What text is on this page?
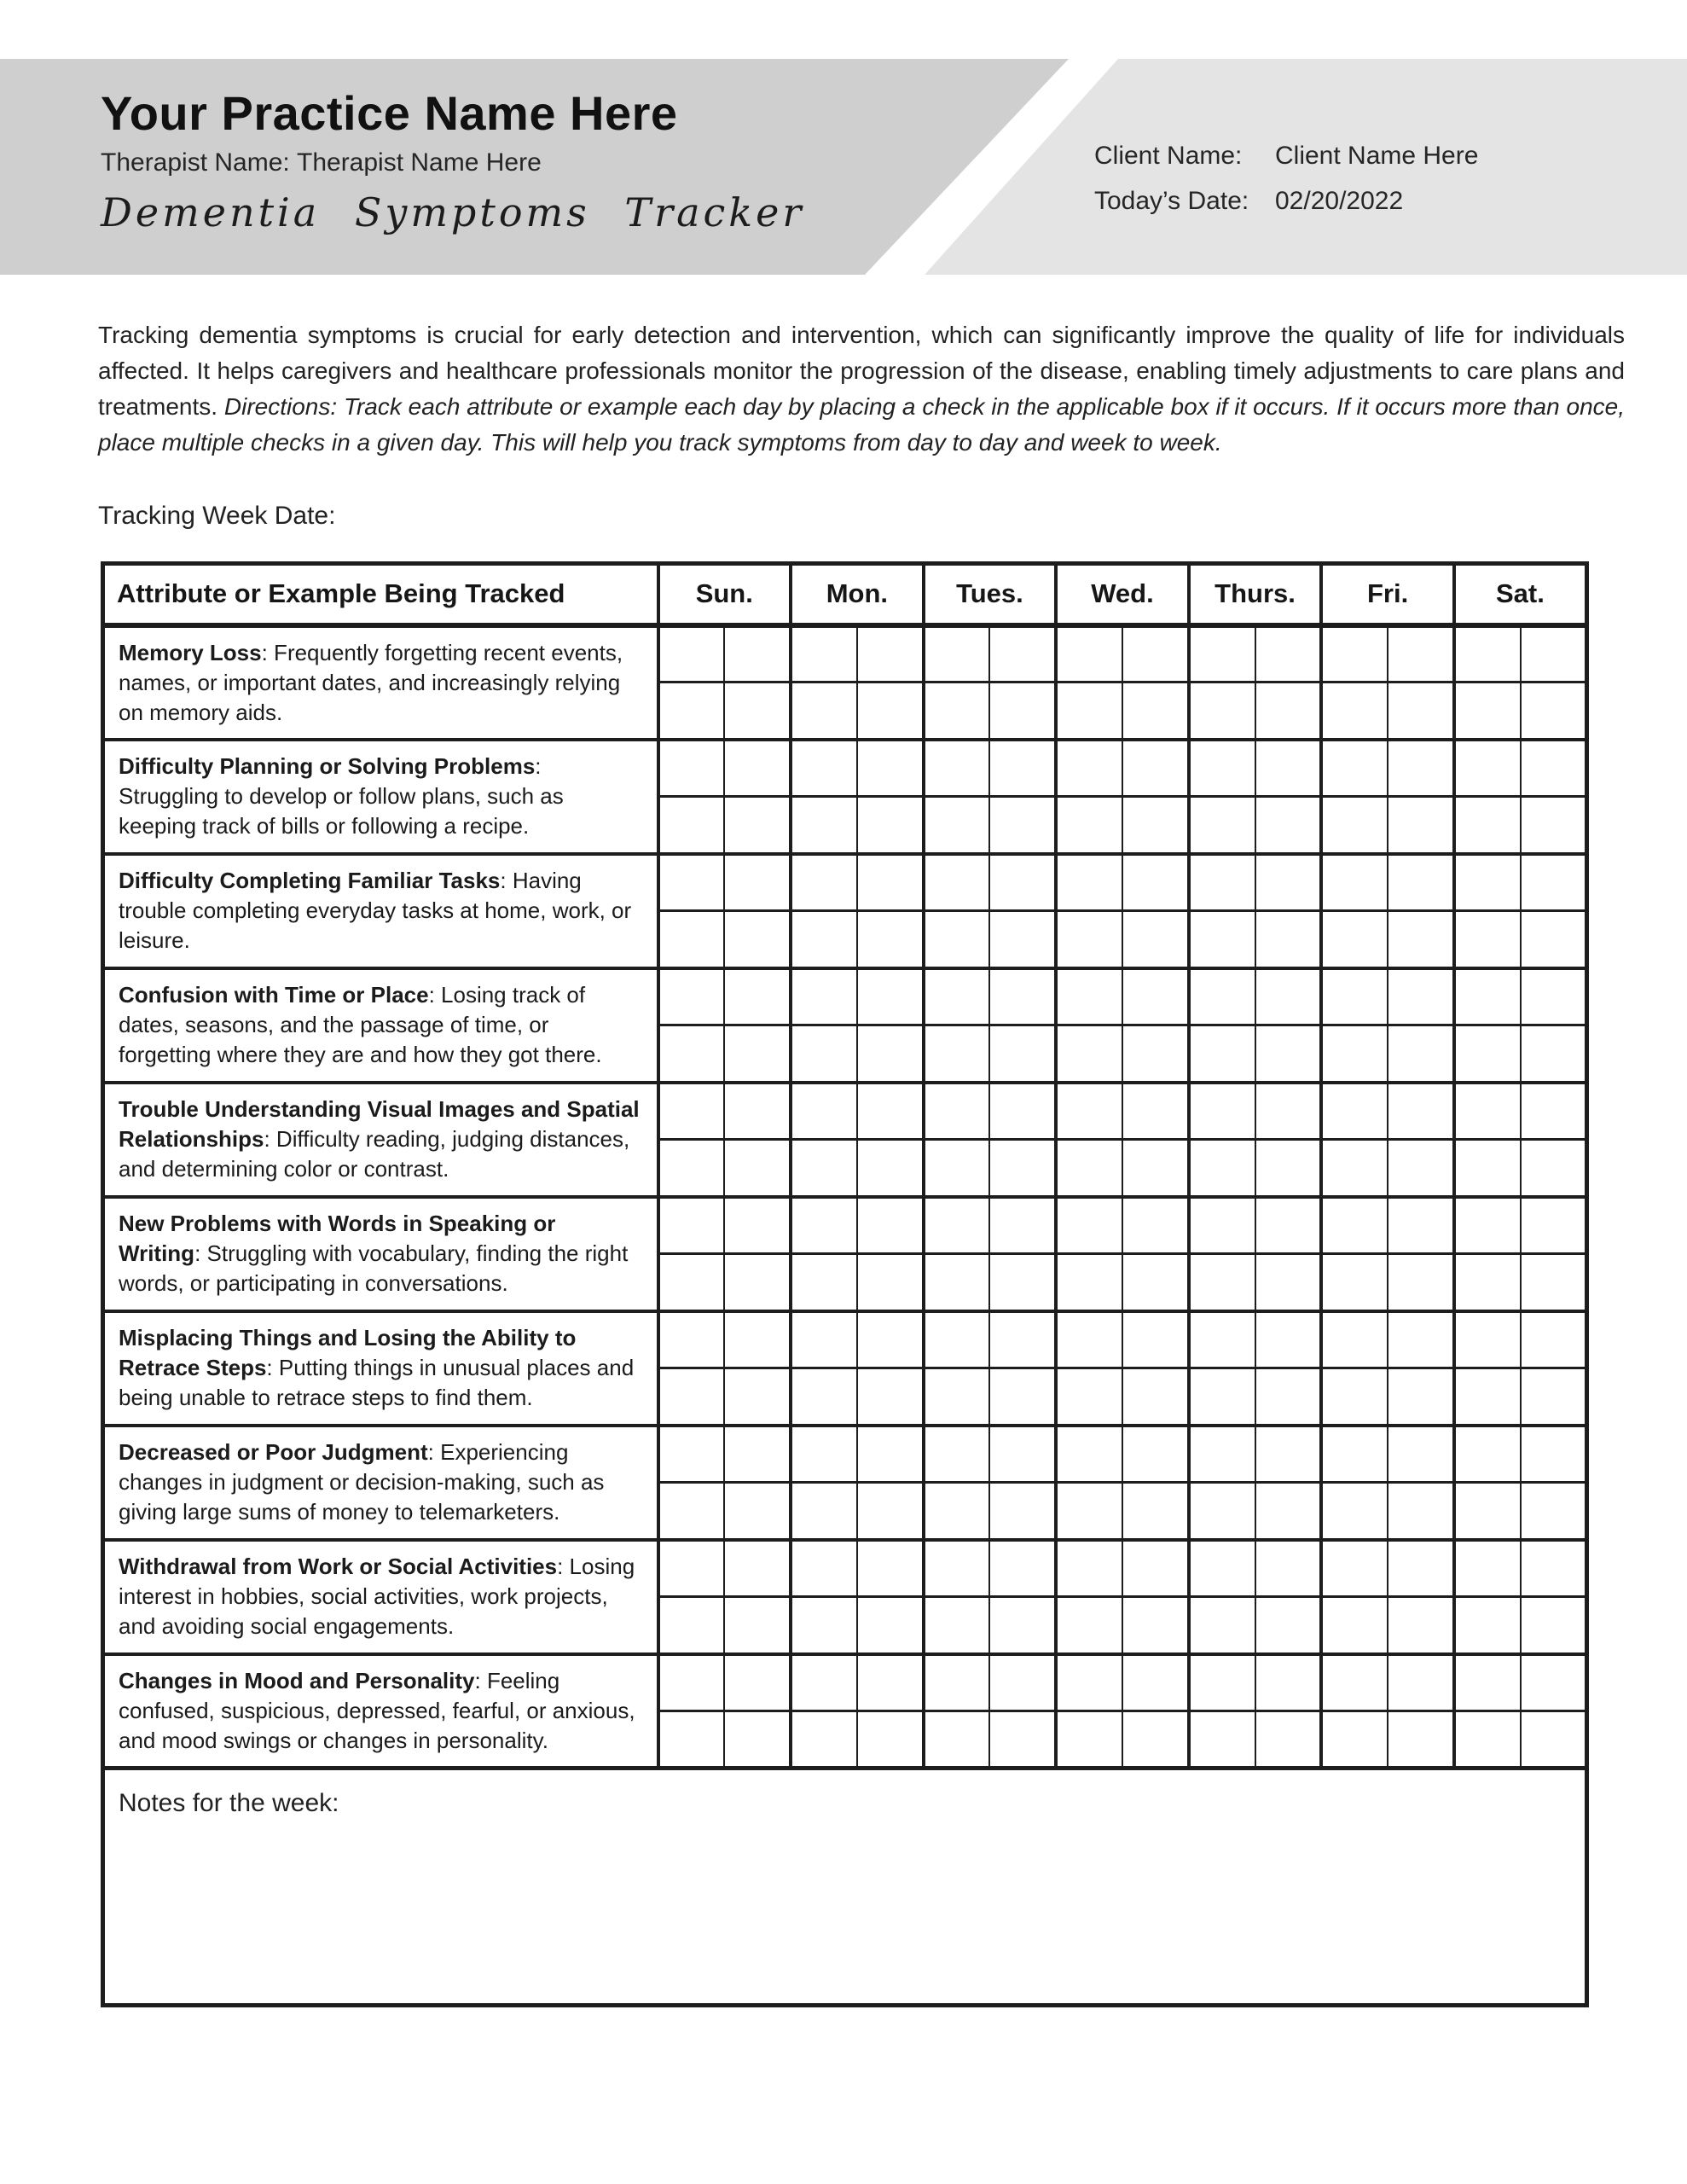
Your Practice Name Here
Therapist Name: Therapist Name Here
Dementia Symptoms Tracker
Client Name:	Client Name Here
Today’s Date:	02/20/2022

Tracking dementia symptoms is crucial for early detection and intervention, which can significantly improve the quality of life for individuals affected. It helps caregivers and healthcare professionals monitor the progression of the disease, enabling timely adjustments to care plans and treatments. Directions: Track each attribute or example each day by placing a check in the applicable box if it occurs. If it occurs more than once, place multiple checks in a given day. This will help you track symptoms from day to day and week to week.

Tracking Week Date:
Attribute or Example Being Tracked	Sun.		Mon.		Tues.		Wed.		Thurs.		Fri.		Sat.	
Memory Loss: Frequently forgetting recent events, names, or important dates, and increasingly relying on memory aids.														

Difficulty Planning or Solving Problems: Struggling to develop or follow plans, such as keeping track of bills or following a recipe.														

Difficulty Completing Familiar Tasks: Having trouble completing everyday tasks at home, work, or leisure.														

Confusion with Time or Place: Losing track of dates, seasons, and the passage of time, or forgetting where they are and how they got there.														

Trouble Understanding Visual Images and Spatial Relationships: Difficulty reading, judging distances, and determining color or contrast.														

New Problems with Words in Speaking or Writing: Struggling with vocabulary, finding the right words, or participating in conversations.														

Misplacing Things and Losing the Ability to Retrace Steps: Putting things in unusual places and being unable to retrace steps to find them.														

Decreased or Poor Judgment: Experiencing changes in judgment or decision-making, such as giving large sums of money to telemarketers.														

Withdrawal from Work or Social Activities: Losing interest in hobbies, social activities, work projects, and avoiding social engagements.														

Changes in Mood and Personality: Feeling confused, suspicious, depressed, fearful, or anxious, and mood swings or changes in personality.														

Notes for the week:														
